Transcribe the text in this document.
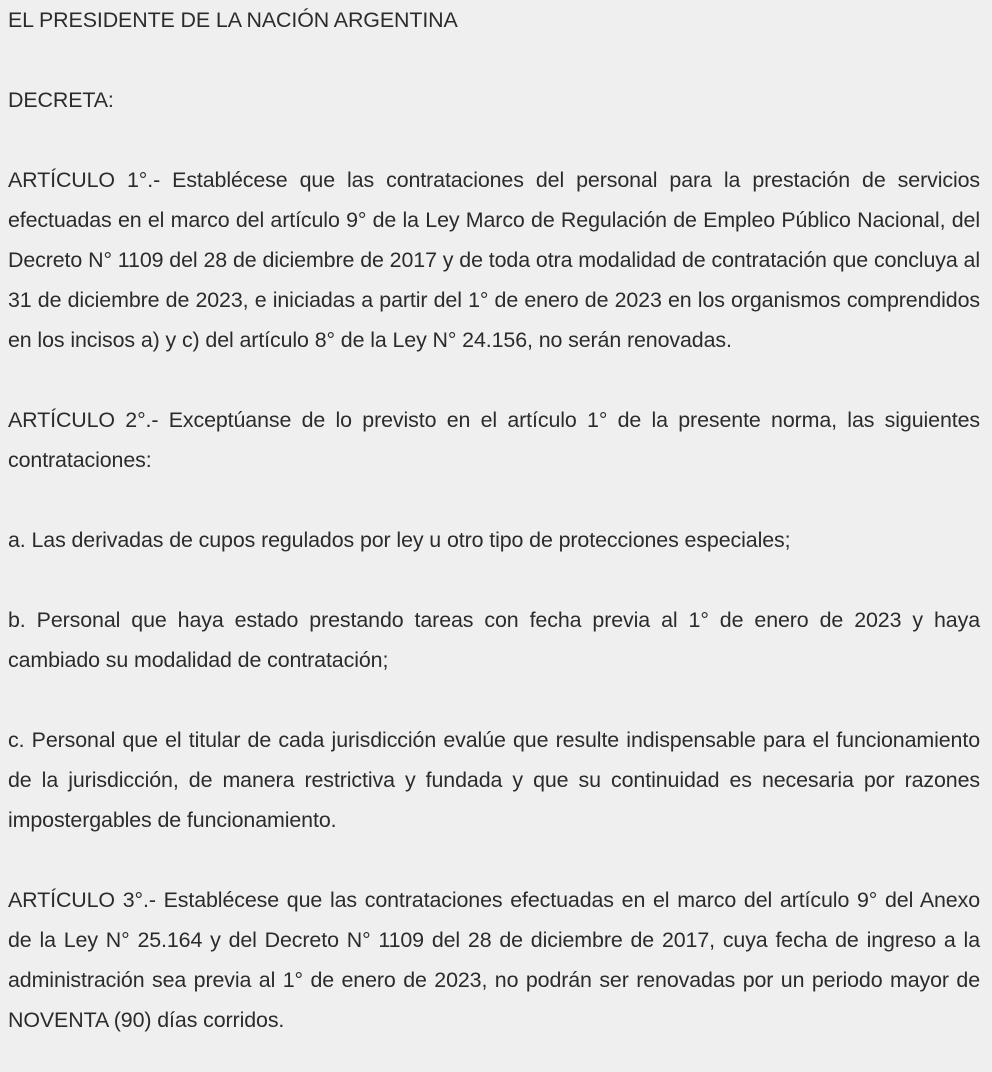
EL PRESIDENTE DE LA NACIÓN ARGENTINA

DECRETA:

ARTÍCULO 1°.- Establécese que las contrataciones del personal para la prestación de servicios efectuadas en el marco del artículo 9° de la Ley Marco de Regulación de Empleo Público Nacional, del Decreto N° 1109 del 28 de diciembre de 2017 y de toda otra modalidad de contratación que concluya al 31 de diciembre de 2023, e iniciadas a partir del 1° de enero de 2023 en los organismos comprendidos en los incisos a) y c) del artículo 8° de la Ley N° 24.156, no serán renovadas.

ARTÍCULO 2°.- Exceptúanse de lo previsto en el artículo 1° de la presente norma, las siguientes contrataciones:

a. Las derivadas de cupos regulados por ley u otro tipo de protecciones especiales;

b. Personal que haya estado prestando tareas con fecha previa al 1° de enero de 2023 y haya cambiado su modalidad de contratación;

c. Personal que el titular de cada jurisdicción evalúe que resulte indispensable para el funcionamiento de la jurisdicción, de manera restrictiva y fundada y que su continuidad es necesaria por razones impostergables de funcionamiento.

ARTÍCULO 3°.- Establécese que las contrataciones efectuadas en el marco del artículo 9° del Anexo de la Ley N° 25.164 y del Decreto N° 1109 del 28 de diciembre de 2017, cuya fecha de ingreso a la administración sea previa al 1° de enero de 2023, no podrán ser renovadas por un periodo mayor de NOVENTA (90) días corridos.
